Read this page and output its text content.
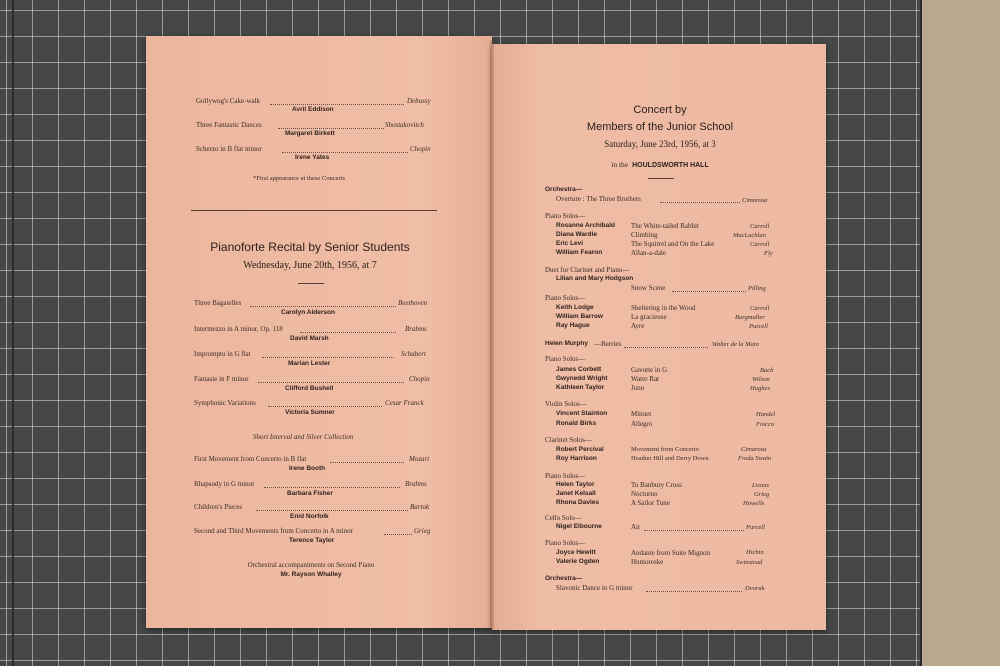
Gollywog's Cake-walk	Debussy
Avril Eddison
Three Fantastic Dances	Shostakovitch
Margaret Birkett
Scherzo in B flat minor	Chopin
Irene Yates
*First appearance at these Concerts
Pianoforte Recital by Senior Students
Wednesday, June 20th, 1956, at 7
Three Bagatelles	Beethoven
Carolyn Alderson
Intermezzo in A minor, Op. 118	Brahms
David Marsh
Impromptu in G flat	Schubert
Marian Lester
Fantasie in F minor	Chopin
Clifford Bushell
Symphonic Variations	Cesar Franck
Victoria Sumner
Short Interval and Silver Collection
First Movement from Concerto in B flat	Mozart
Irene Booth
Rhapsody in G minor	Brahms
Barbara Fisher
Children's Pieces	Bartok
Enid Norfolk
Second and Third Movements from Concerto in A minor	Grieg
Terence Taylor
Orchestral accompaniments on Second Piano
Mr. Rayson Whalley
Concert by
Members of the Junior School
Saturday, June 23rd, 1956, at 3
in the HOULDSWORTH HALL
Orchestra—
Overture : The Three Brothers	Cimarosa
Piano Solos—
Rosanne Archibald The White-tailed Rabbit	Carroll
Diana Wardle	Climbing	MacLachlan
Eric Levi	The Squirrel and On the Lake	Carroll
William Fearon	Allan-a-dale	Fly
Duet for Clarinet and Piano—
Lilian and Mary Hodgson
Snow Scene	Pilling
Piano Solos—
Keith Lodge	Sheltering in the Wood	Carroll
William Barrow	La gracieuse	Burgmuller
Ray Hague	Ayre	Purcell
Helen Murphy —Berries	Walter de la Mare
Piano Solos—
James Corbett	Gavotte in G	Bach
Gwynedd Wright	Water Rat	Wilson
Kathleen Taylor	Juno	Hughes
Violin Solos—
Vincent Stainton	Minuet	Handel
Ronald Birks	Allegro	Fiocco
Clarinet Solos—
Robert Percival	Movement from Concerto	Cimarosa
Roy Harrison	Heather Hill and Derry Down	Freda Swain
Piano Solos—
Helen Taylor	To Banbury Cross	Lisons
Janet Kelsall	Nocturno	Grieg
Rhona Davies	A Sailor Tune	Howells
Cello Solo—
Nigel Elbourne	Air	Purcell
Piano Solos—
Joyce Hewitt	Andante from Suite Mignon	Hichin
Valerie Ogden	Humoreske	Swinstead
Orchestra—
Slavonic Dance in G minor	Dvorak
